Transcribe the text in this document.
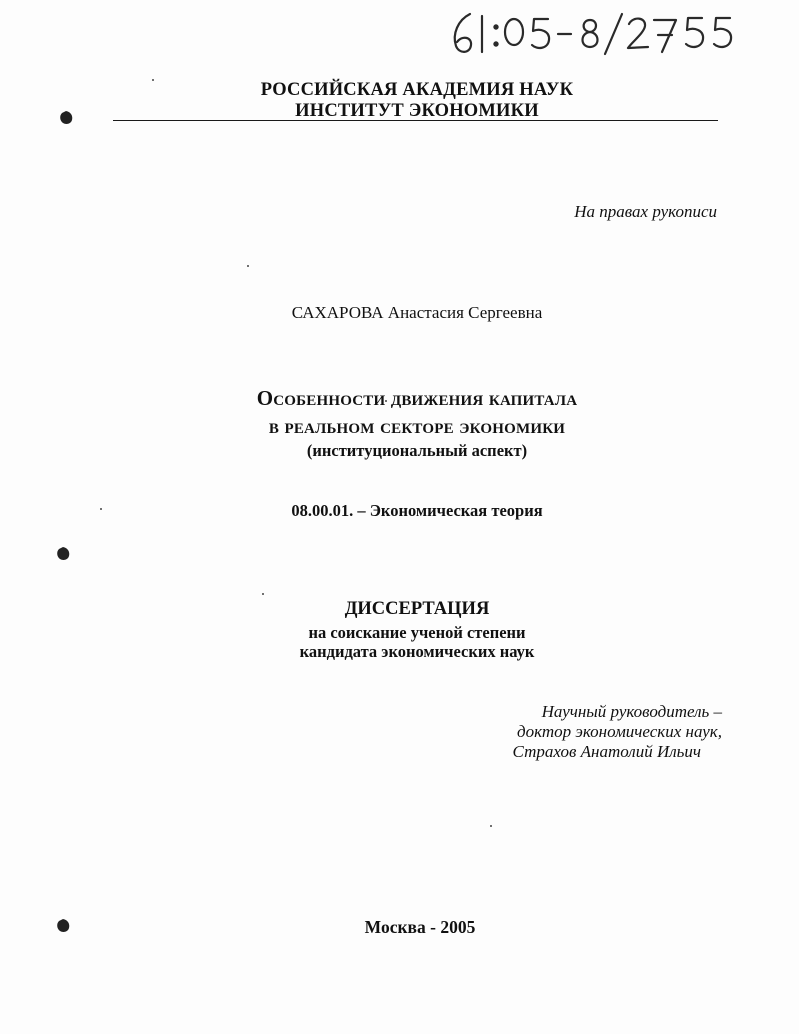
РОССИЙСКАЯ АКАДЕМИЯ НАУК
ИНСТИТУТ ЭКОНОМИКИ
На правах рукописи
САХАРОВА Анастасия Сергеевна
Особенности движения капитала
в реальном секторе экономики
(институциональный аспект)
08.00.01. – Экономическая теория
ДИССЕРТАЦИЯ
на соискание ученой степени
кандидата экономических наук
Научный руководитель –
доктор экономических наук,
Страхов Анатолий Ильич
Москва - 2005
